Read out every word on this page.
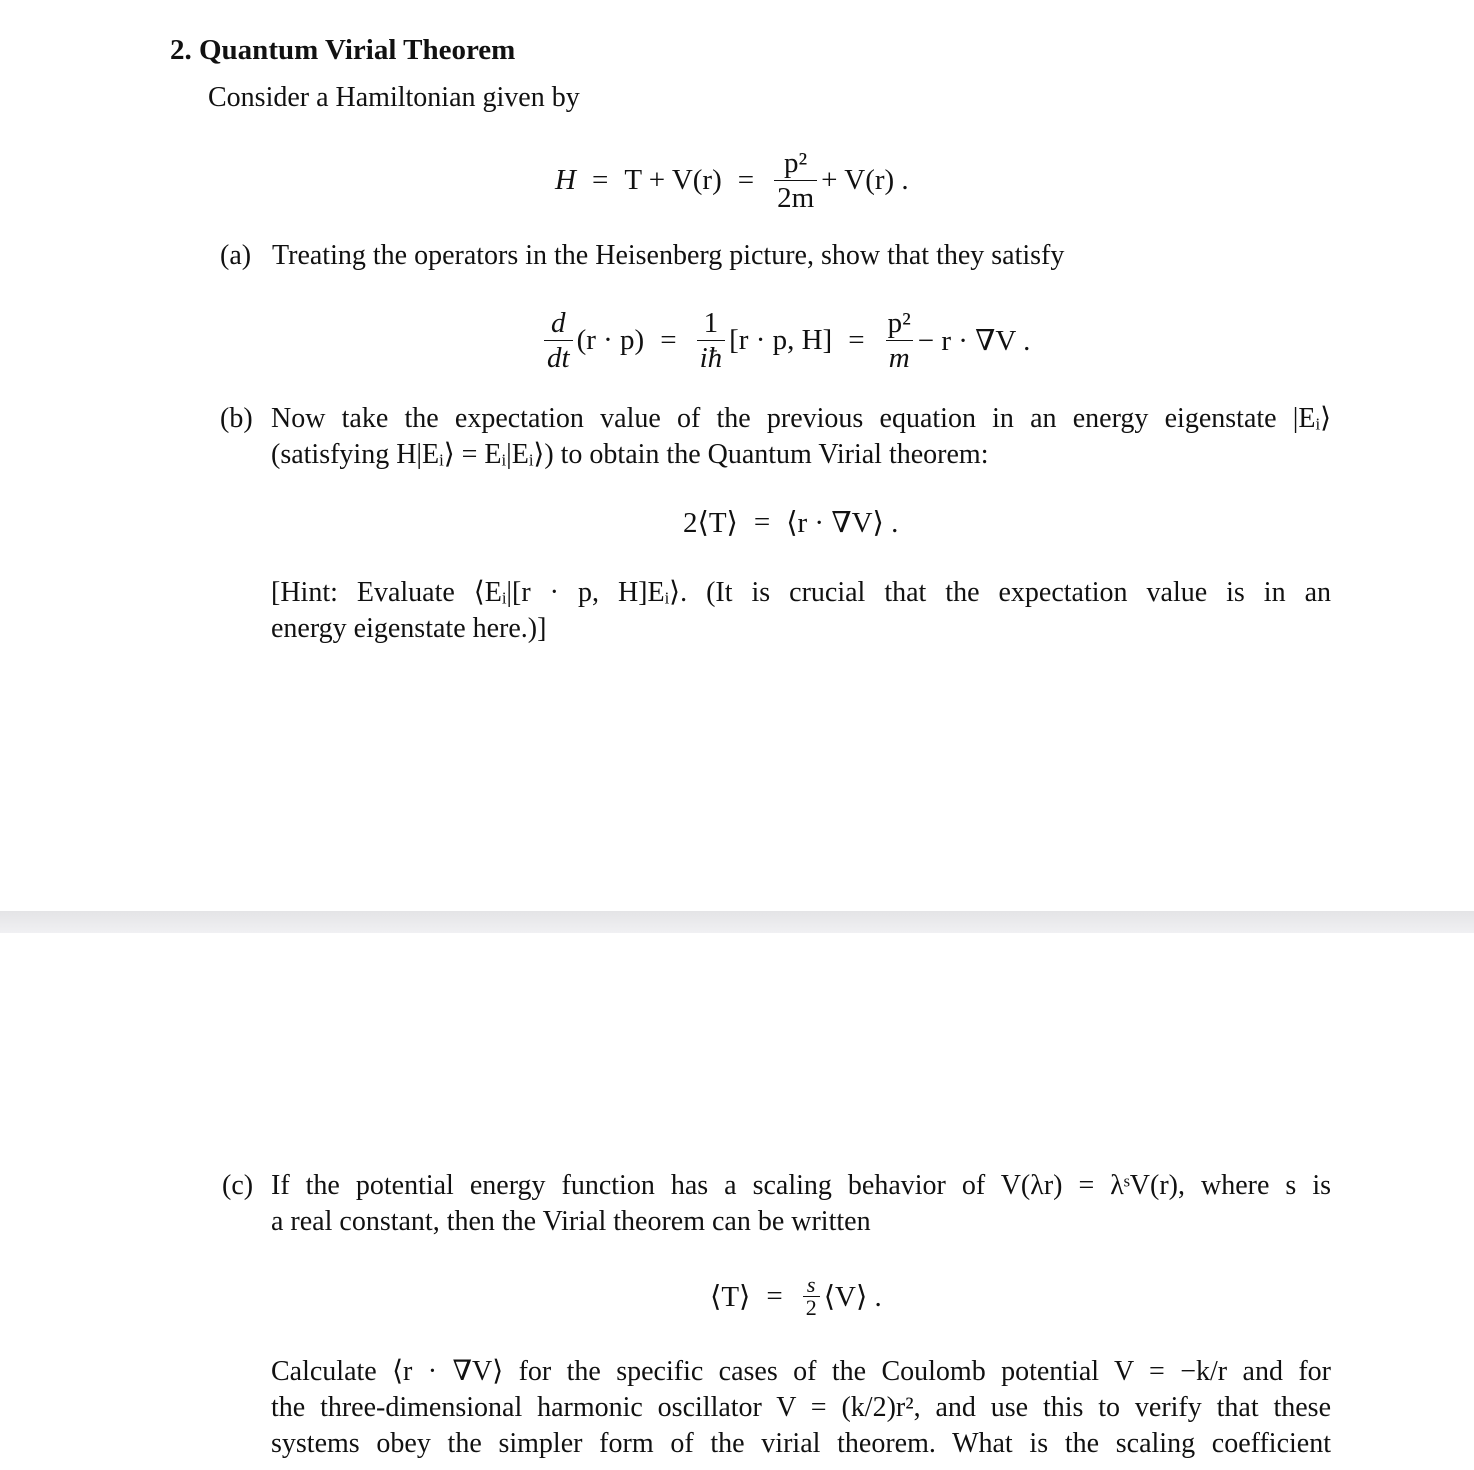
2. Quantum Virial Theorem
Consider a Hamiltonian given by
$H = T + V(r) = \frac{\text{p²}}{2m} + V(r)$ .
(a) Treating the operators in the Heisenberg picture, show that they satisfy
$\frac{d}{dt} (r \cdot p) = \frac{1}{iħ} [r \cdot p$, $H] = \frac{\text{p²}}{m} - r \cdot \nabla V$ .
(b) Now take the expectation value of the previous equation in an energy eigenstate |Eᵢ⟩
(satisfying H|Eᵢ⟩ = Eᵢ|Eᵢ⟩) to obtain the Quantum Virial theorem:
2⟨T⟩ = ⟨r · ∇V⟩ .
[Hint: Evaluate ⟨Eᵢ|[r · p, H]Eᵢ⟩. (It is crucial that the expectation value is in an
energy eigenstate here.)]
(c) If the potential energy function has a scaling behavior of V(λr) = λˢV(r), where s is
a real constant, then the Virial theorem can be written
⟨T⟩ = $\frac{s}{2}$ ⟨V⟩ .
Calculate ⟨r · ∇V⟩ for the specific cases of the Coulomb potential V = −k/r and for
the three-dimensional harmonic oscillator V = (k/2)r², and use this to verify that these
systems obey the simpler form of the virial theorem. What is the scaling coefficient
